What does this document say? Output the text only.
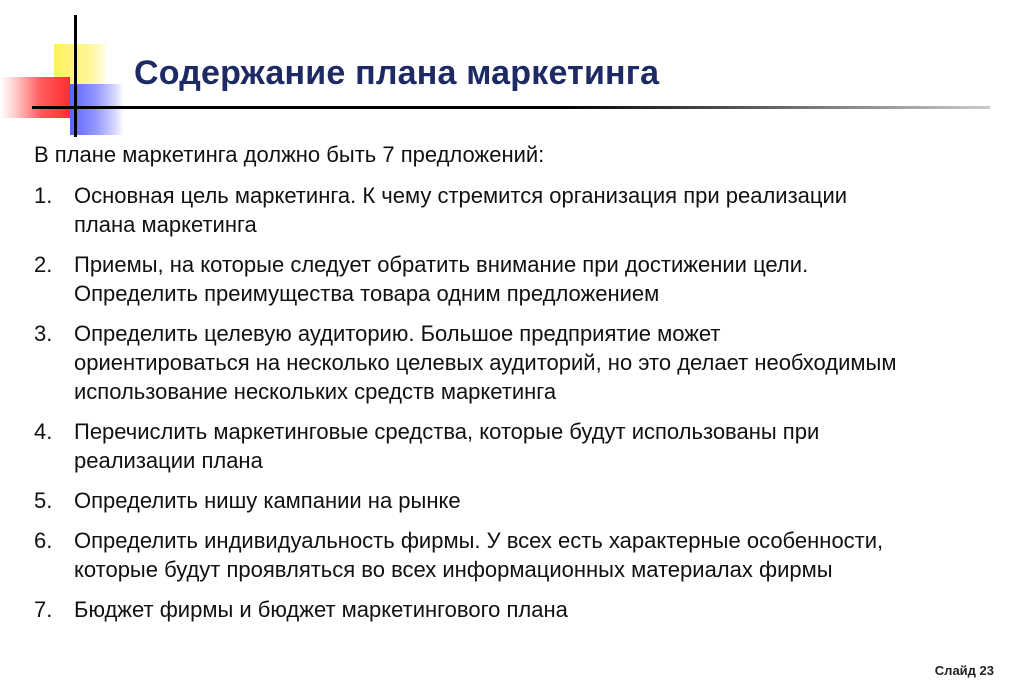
Содержание плана маркетинга

В плане маркетинга должно быть 7 предложений:

1. Основная цель маркетинга. К чему стремится организация при реализации
плана маркетинга

2. Приемы, на которые следует обратить внимание при достижении цели.
Определить преимущества товара одним предложением

3. Определить целевую аудиторию. Большое предприятие может
ориентироваться на несколько целевых аудиторий, но это делает необходимым
использование нескольких средств маркетинга

4. Перечислить маркетинговые средства, которые будут использованы при
реализации плана

5. Определить нишу кампании на рынке

6. Определить индивидуальность фирмы. У всех есть характерные особенности,
которые будут проявляться во всех информационных материалах фирмы

7. Бюджет фирмы и бюджет маркетингового плана

Слайд 23
